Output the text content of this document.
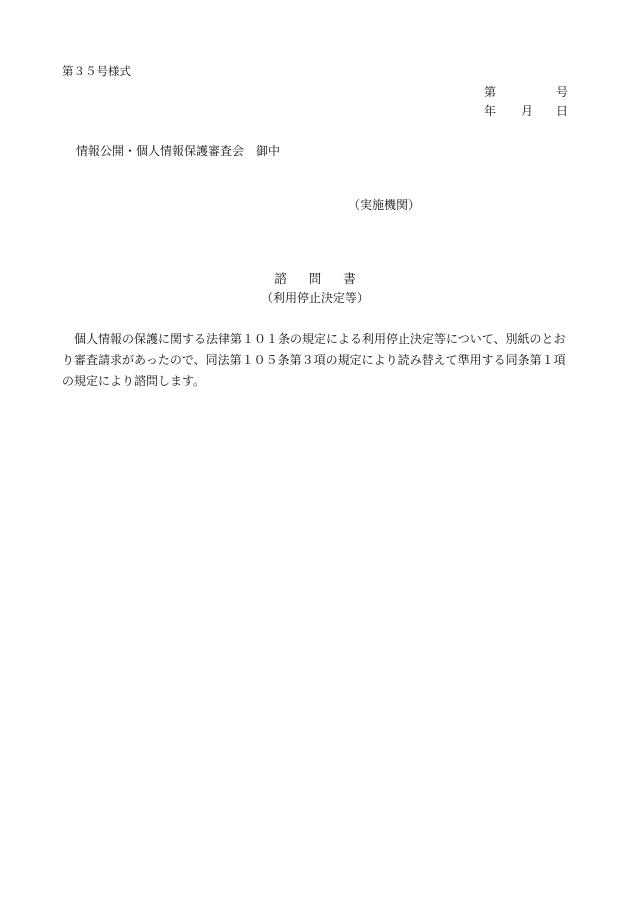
第３５号様式
第	号
年 月 日
情報公開・個人情報保護審査会　御中
（実施機関）
諮 問 書
（利用停止決定等）
個人情報の保護に関する法律第１０１条の規定による利用停止決定等について、別紙のとおり審査請求があったので、同法第１０５条第３項の規定により読み替えて準用する同条第１項の規定により諮問します。
